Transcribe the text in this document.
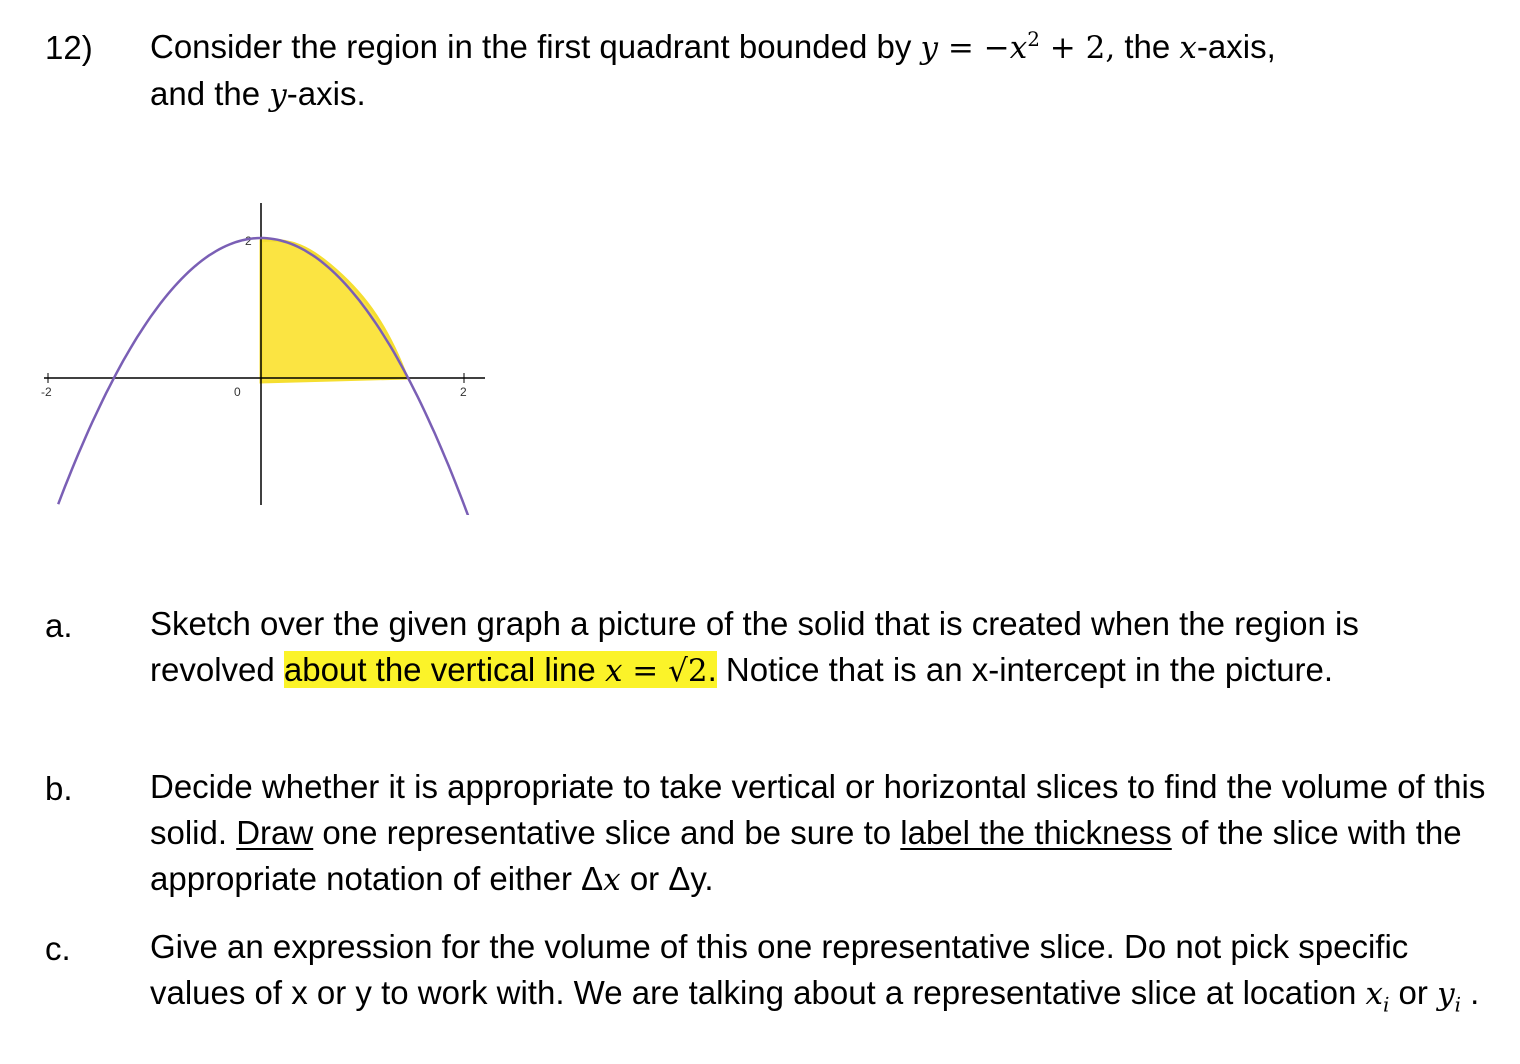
12) Consider the region in the first quadrant bounded by $y = -x^2 + 2$, the x-axis,
and the y-axis.
-2	0	2
2
a. Sketch over the given graph a picture of the solid that is created when the region is revolved about the vertical line x = √2. Notice that is an x-intercept in the picture.
b. Decide whether it is appropriate to take vertical or horizontal slices to find the volume of this solid. Draw one representative slice and be sure to label the thickness of the slice with the appropriate notation of either Δx or Δy.
c. Give an expression for the volume of this one representative slice. Do not pick specific values of x or y to work with. We are talking about a representative slice at location $x_i$ or $y_i$ .
